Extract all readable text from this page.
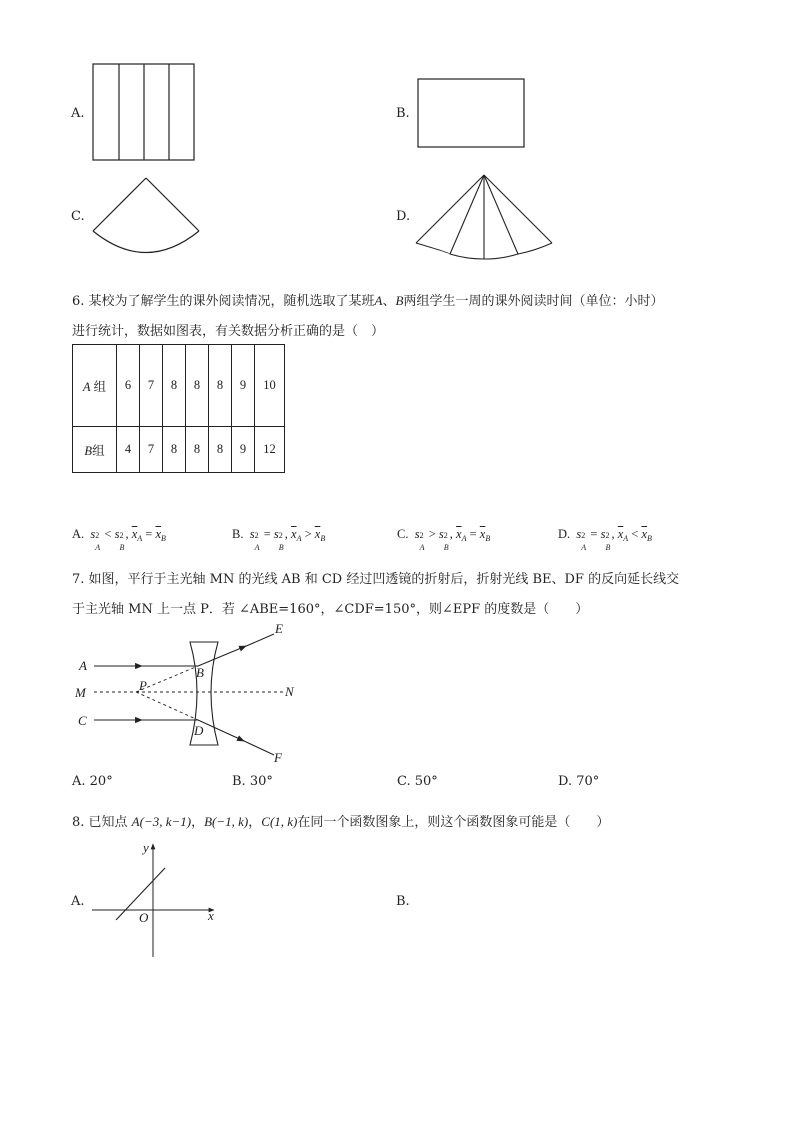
A.	B.
C.	D.
6. 某校为了解学生的课外阅读情况，随机选取了某班A、B两组学生一周的课外阅读时间（单位：小时）
进行统计，数据如图表，有关数据分析正确的是（　）
A 组	6	7	8	8	8	9	10
B组	4	7	8	8	8	9	12
A. s 2
A
< s 2
B
, $\overline{x}_A = \overline{x}_B$	B. s 2
A
= s 2
B
, $\overline{x}_A > \overline{x}_B$	C. s 2
A
> s 2
B
, $\overline{x}_A = \overline{x}_B$	D. s 2
A
= s 2
B
, $\overline{x}_A < \overline{x}_B$
7. 如图，平行于主光轴 MN 的光线 AB 和 CD 经过凹透镜的折射后，折射光线 BE、DF 的反向延长线交
于主光轴 MN 上一点 P．若 ∠ABE=160°，∠CDF=150°，则∠EPF 的度数是（　　）
A
M
C
P
B
D
E
N
F
A. 20°	B. 30°	C. 50°	D. 70°
8. 已知点 A(−3, k−1)，B(−1, k)，C(1, k)在同一个函数图象上，则这个函数图象可能是（　　）
A.
y
x
O
B.
